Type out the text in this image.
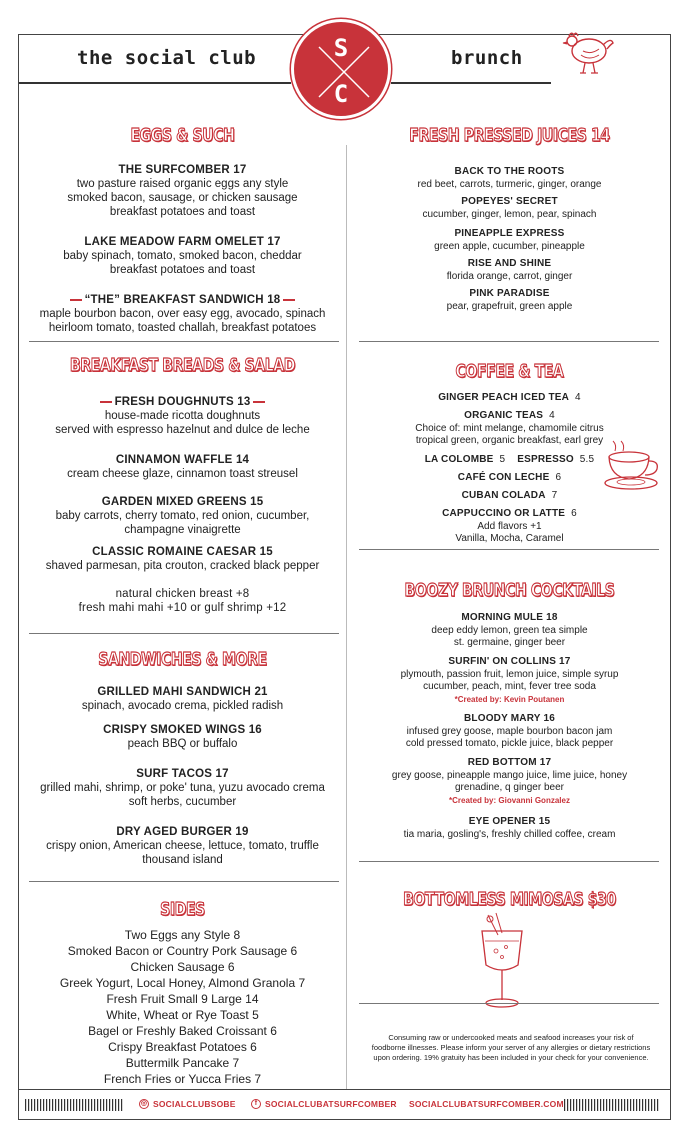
the social club	S
C
brunch
EGGS & SUCH
THE SURFCOMBER 17
two pasture raised organic eggs any style
smoked bacon, sausage, or chicken sausage
breakfast potatoes and toast
LAKE MEADOW FARM OMELET 17
baby spinach, tomato, smoked bacon, cheddar
breakfast potatoes and toast
“THE” BREAKFAST SANDWICH 18
maple bourbon bacon, over easy egg, avocado, spinach
heirloom tomato, toasted challah, breakfast potatoes
BREAKFAST BREADS & SALAD
FRESH DOUGHNUTS 13
house-made ricotta doughnuts
served with espresso hazelnut and dulce de leche
CINNAMON WAFFLE 14
cream cheese glaze, cinnamon toast streusel
GARDEN MIXED GREENS 15
baby carrots, cherry tomato, red onion, cucumber,
champagne vinaigrette
CLASSIC ROMAINE CAESAR 15
shaved parmesan, pita crouton, cracked black pepper
natural chicken breast +8
fresh mahi mahi +10 or gulf shrimp +12
SANDWICHES & MORE
GRILLED MAHI SANDWICH 21
spinach, avocado crema, pickled radish
CRISPY SMOKED WINGS 16
peach BBQ or buffalo
SURF TACOS 17
grilled mahi, shrimp, or poke' tuna, yuzu avocado crema
soft herbs, cucumber
DRY AGED BURGER 19
crispy onion, American cheese, lettuce, tomato, truffle
thousand island
SIDES
Two Eggs any Style 8
Smoked Bacon or Country Pork Sausage 6
Chicken Sausage 6
Greek Yogurt, Local Honey, Almond Granola 7
Fresh Fruit Small 9 Large 14
White, Wheat or Rye Toast 5
Bagel or Freshly Baked Croissant 6
Crispy Breakfast Potatoes 6
Buttermilk Pancake 7
French Fries or Yucca Fries 7
FRESH PRESSED JUICES 14
BACK TO THE ROOTS
red beet, carrots, turmeric, ginger, orange
POPEYES' SECRET
cucumber, ginger, lemon, pear, spinach
PINEAPPLE EXPRESS
green apple, cucumber, pineapple
RISE AND SHINE
florida orange, carrot, ginger
PINK PARADISE
pear, grapefruit, green apple
COFFEE & TEA
GINGER PEACH ICED TEA 4
ORGANIC TEAS 4
Choice of: mint melange, chamomile citrus
tropical green, organic breakfast, earl grey
LA COLOMBE 5 ESPRESSO 5.5
CAFÉ CON LECHE 6
CUBAN COLADA 7
CAPPUCCINO OR LATTE 6
Add flavors +1
Vanilla, Mocha, Caramel
BOOZY BRUNCH COCKTAILS
MORNING MULE 18
deep eddy lemon, green tea simple
st. germaine, ginger beer
SURFIN' ON COLLINS 17
plymouth, passion fruit, lemon juice, simple syrup
cucumber, peach, mint, fever tree soda
*Created by: Kevin Poutanen
BLOODY MARY 16
infused grey goose, maple bourbon bacon jam
cold pressed tomato, pickle juice, black pepper
RED BOTTOM 17
grey goose, pineapple mango juice, lime juice, honey
grenadine, q ginger beer
*Created by: Giovanni Gonzalez
EYE OPENER 15
tia maria, gosling's, freshly chilled coffee, cream
BOTTOMLESS MIMOSAS $30
Consuming raw or undercooked meats and seafood increases your risk of foodborne illnesses. Please inform your server of any allergies or dietary restrictions upon ordering. 19% gratuity has been included in your check for your convenience.
◎ SOCIALCLUBSOBE	f SOCIALCLUBATSURFCOMBER SOCIALCLUBATSURFCOMBER.COM
